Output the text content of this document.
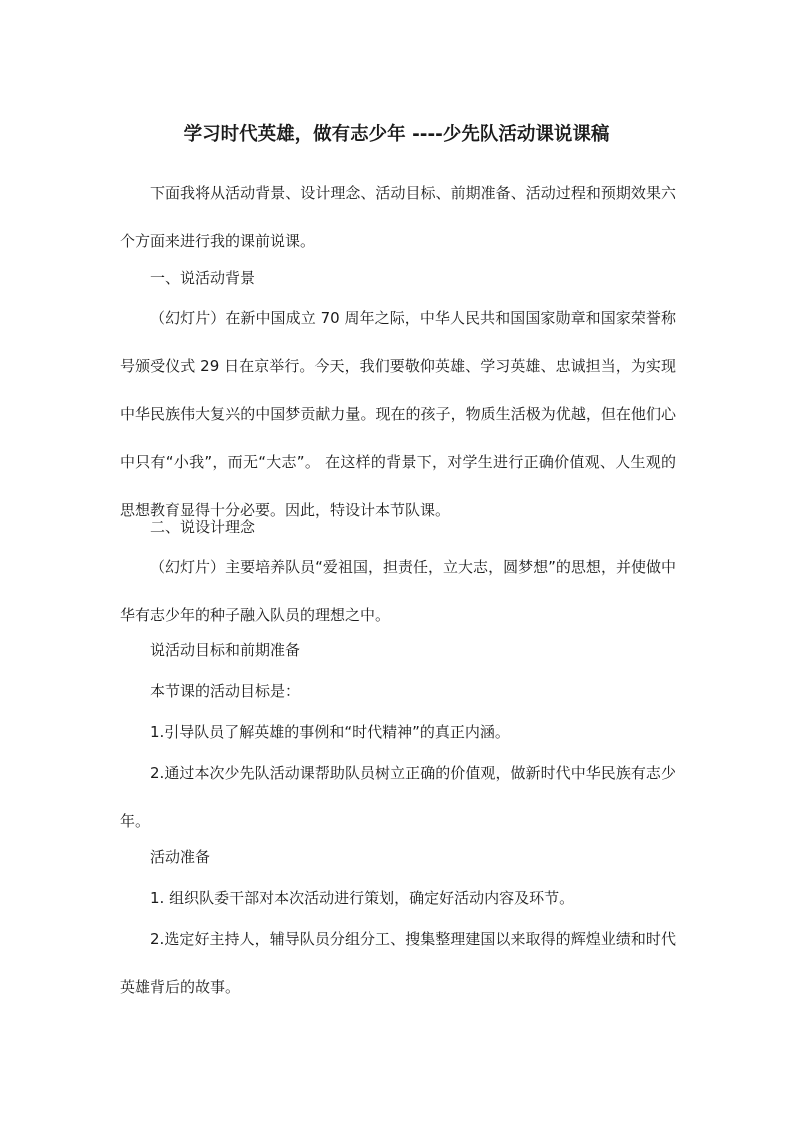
学习时代英雄，做有志少年 ----少先队活动课说课稿

下面我将从活动背景、设计理念、活动目标、前期准备、活动过程和预期效果六个方面来进行我的课前说课。

一、说活动背景

（幻灯片）在新中国成立 70 周年之际，中华人民共和国国家勋章和国家荣誉称号颁受仪式 29 日在京举行。今天，我们要敬仰英雄、学习英雄、忠诚担当，为实现中华民族伟大复兴的中国梦贡献力量。现在的孩子，物质生活极为优越，但在他们心中只有“小我”，而无“大志”。 在这样的背景下，对学生进行正确价值观、人生观的思想教育显得十分必要。因此，特设计本节队课。

二、说设计理念

（幻灯片）主要培养队员“爱祖国，担责任，立大志，圆梦想”的思想，并使做中华有志少年的种子融入队员的理想之中。

说活动目标和前期准备

本节课的活动目标是：

1.引导队员了解英雄的事例和“时代精神”的真正内涵。

2.通过本次少先队活动课帮助队员树立正确的价值观，做新时代中华民族有志少年。

活动准备

1. 组织队委干部对本次活动进行策划，确定好活动内容及环节。

2.选定好主持人，辅导队员分组分工、搜集整理建国以来取得的辉煌业绩和时代英雄背后的故事。
